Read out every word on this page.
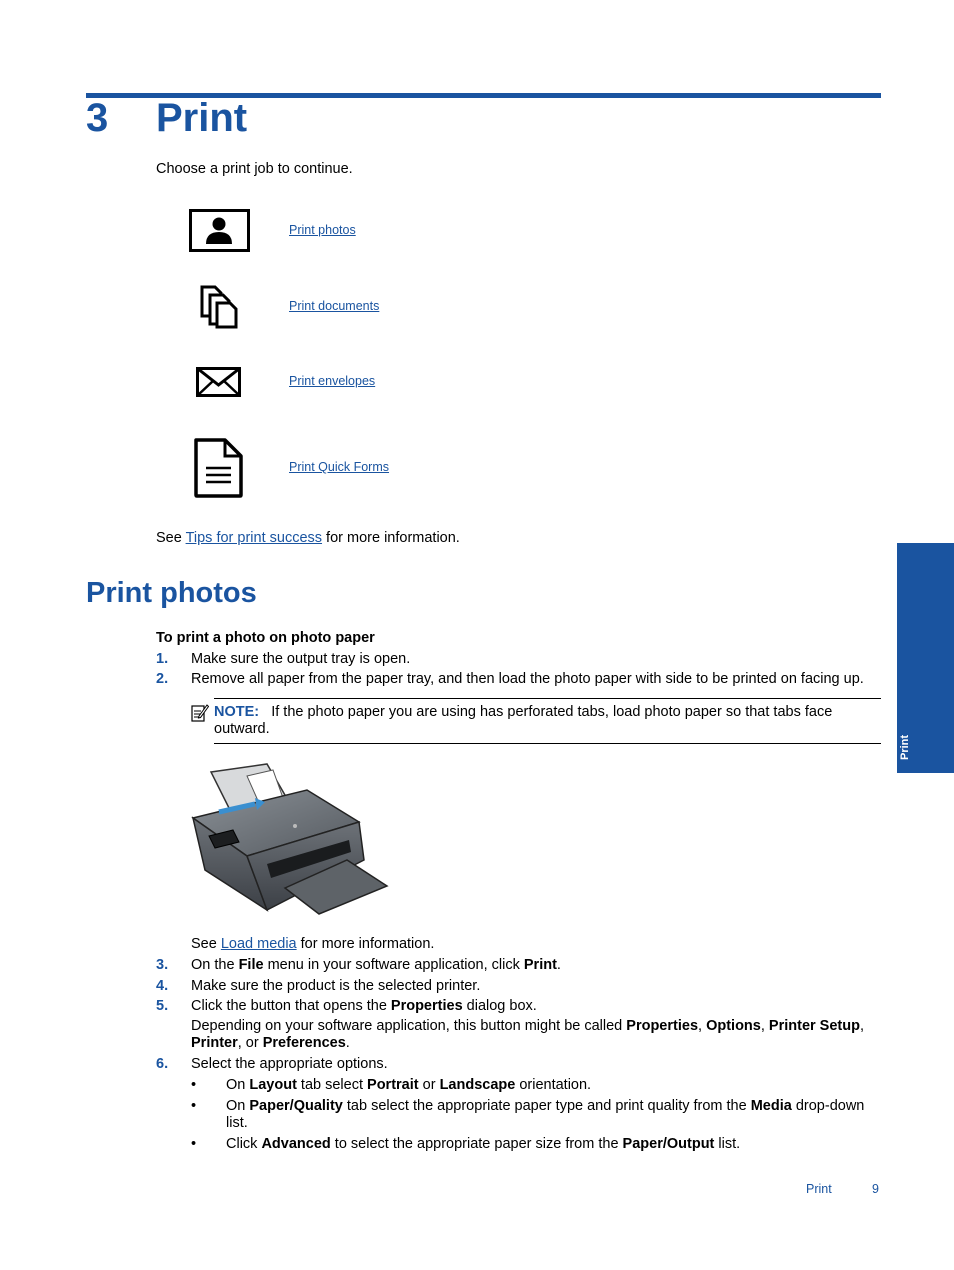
3 Print
Choose a print job to continue.
Print photos
Print documents
Print envelopes
Print Quick Forms
See Tips for print success for more information.
Print photos
To print a photo on photo paper
1. Make sure the output tray is open.
2. Remove all paper from the paper tray, and then load the photo paper with side to be printed on facing up.
NOTE: If the photo paper you are using has perforated tabs, load photo paper so that tabs face outward.
See Load media for more information.
3. On the File menu in your software application, click Print.
4. Make sure the product is the selected printer.
5. Click the button that opens the Properties dialog box.
Depending on your software application, this button might be called Properties, Options, Printer Setup, Printer, or Preferences.
6. Select the appropriate options.
• On Layout tab select Portrait or Landscape orientation.
• On Paper/Quality tab select the appropriate paper type and print quality from the Media drop-down list.
• Click Advanced to select the appropriate paper size from the Paper/Output list.
Print
Print	9
